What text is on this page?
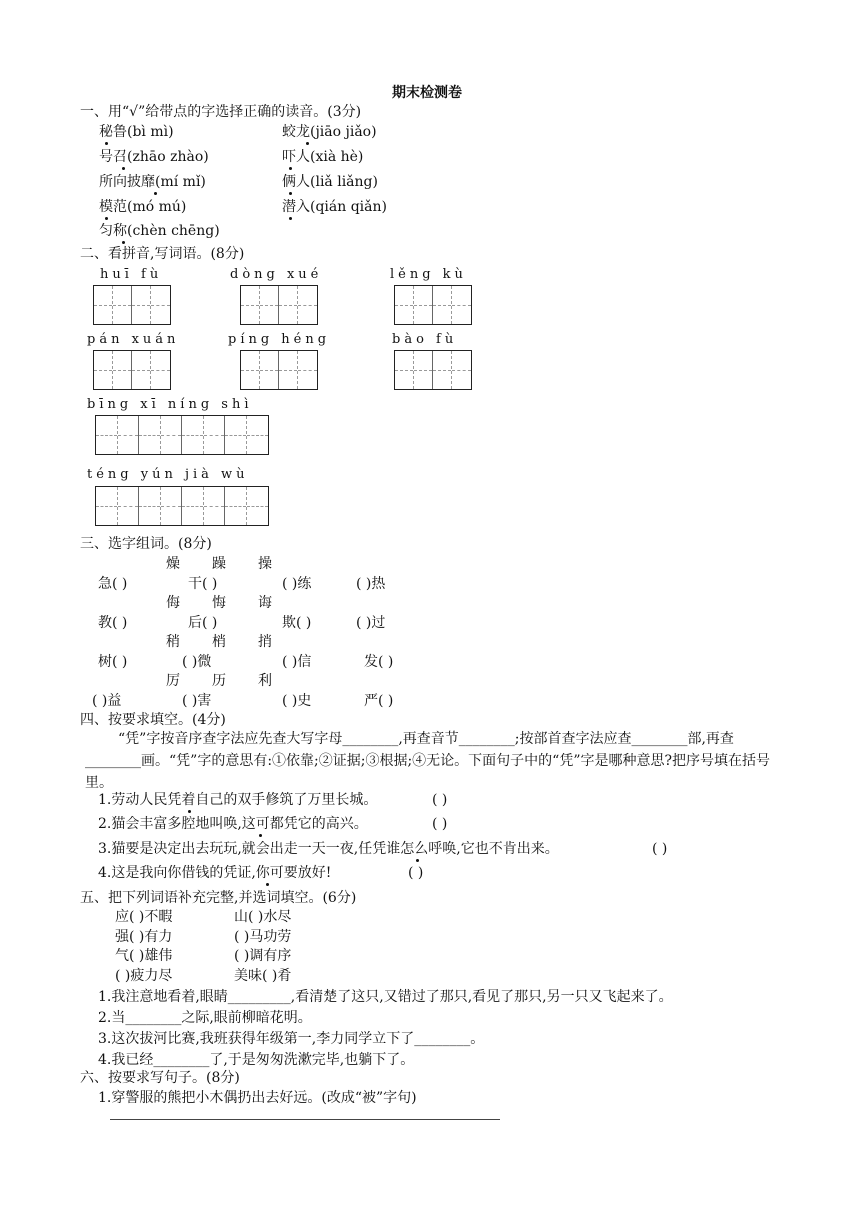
期末检测卷
一、用“√”给带点的字选择正确的读音。(3分)
秘鲁(bì mì)	蛟龙(jiāo jiǎo)
号召(zhāo zhào)	吓人(xià hè)
所向披靡(mí mǐ)	俩人(liǎ liǎng)
模范(mó mú)	潜入(qián qiǎn)
匀称(chèn chēng)
二、看拼音,写词语。(8分)
huī fù	dòng xué	lěng kù
pán xuán	píng héng	bào fù
bīng xī níng shì
téng yún jià wù
三、选字组词。(8分)
燥 躁 操
急( )	干( )	( )练	( )热
侮 悔 诲
教( )	后( )	欺( )	( )过
稍 梢 捎
树( )	( )微	( )信	发( )
厉 历 利
( )益	( )害	( )史	严( )
四、按要求填空。(4分)
“凭”字按音序查字法应先查大写字母________,再查音节________;按部首查字法应查________部,再查________画。“凭”字的意思有:①依靠;②证据;③根据;④无论。下面句子中的“凭”字是哪种意思?把序号填在括号里。
1.劳动人民凭着自己的双手修筑了万里长城。	( )
2.猫会丰富多腔地叫唤,这可都凭它的高兴。	( )
3.猫要是决定出去玩玩,就会出走一天一夜,任凭谁怎么呼唤,它也不肯出来。	( )
4.这是我向你借钱的凭证,你可要放好!	( )
五、把下列词语补充完整,并选词填空。(6分)
应( )不暇	山( )水尽
强( )有力	( )马功劳
气( )雄伟	( )调有序
( )疲力尽	美味( )肴
1.我注意地看着,眼睛_________,看清楚了这只,又错过了那只,看见了那只,另一只又飞起来了。
2.当________之际,眼前柳暗花明。
3.这次拔河比赛,我班获得年级第一,李力同学立下了________。
4.我已经________了,于是匆匆洗漱完毕,也躺下了。
六、按要求写句子。(8分)
1.穿警服的熊把小木偶扔出去好远。(改成“被”字句)
